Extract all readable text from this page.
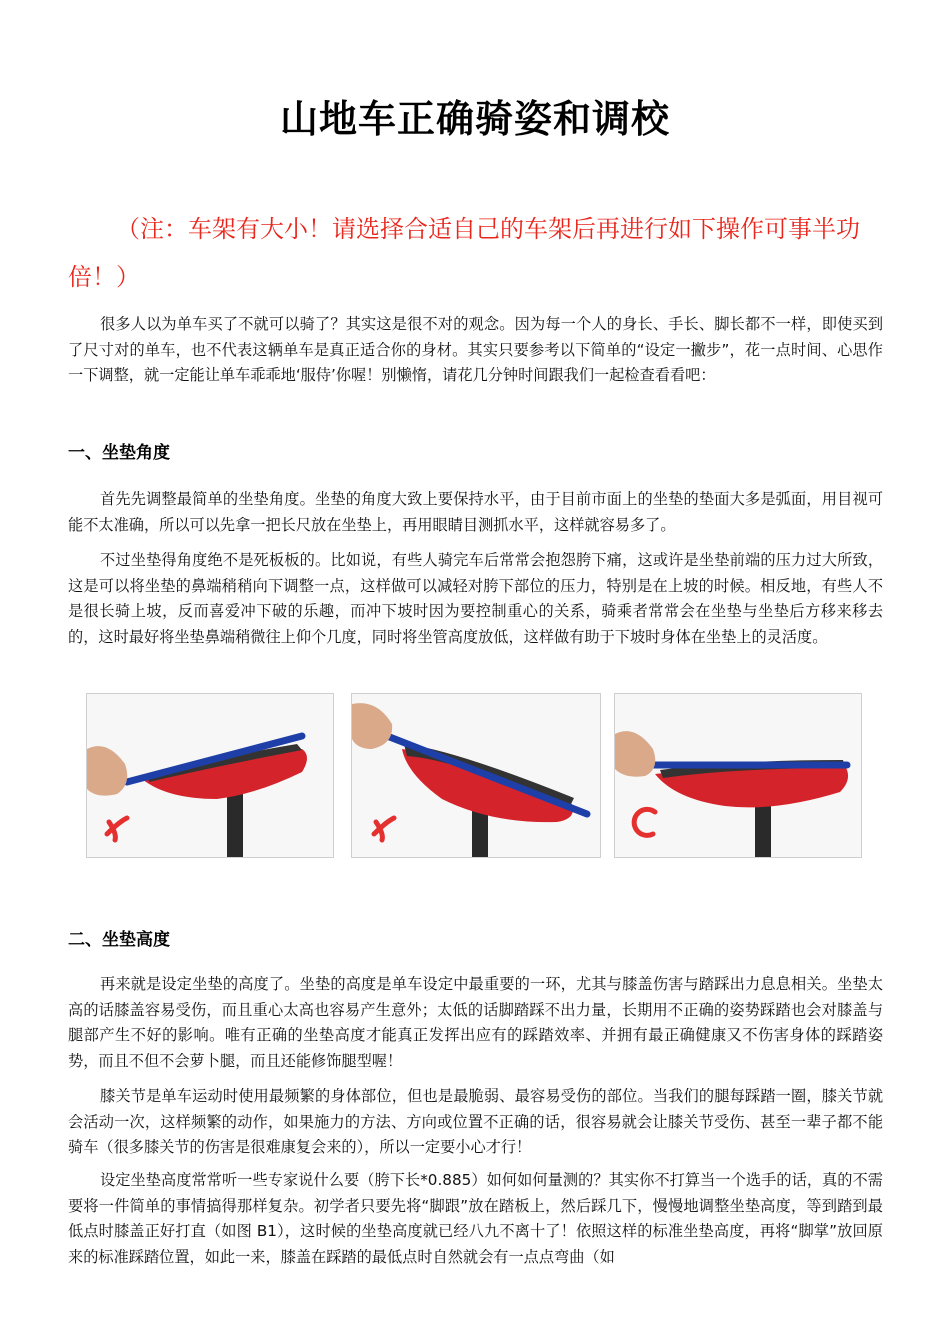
山地车正确骑姿和调校
（注：车架有大小！请选择合适自己的车架后再进行如下操作可事半功倍！）

很多人以为单车买了不就可以骑了？其实这是很不对的观念。因为每一个人的身长、手长、脚长都不一样，即使买到了尺寸对的单车，也不代表这辆单车是真正适合你的身材。其实只要参考以下简单的“设定一撇步”，花一点时间、心思作一下调整，就一定能让单车乖乖地‘服侍’你喔！别懒惰，请花几分钟时间跟我们一起检查看看吧：

一、坐垫角度

首先先调整最简单的坐垫角度。坐垫的角度大致上要保持水平，由于目前市面上的坐垫的垫面大多是弧面，用目视可能不太准确，所以可以先拿一把长尺放在坐垫上，再用眼睛目测抓水平，这样就容易多了。

不过坐垫得角度绝不是死板板的。比如说，有些人骑完车后常常会抱怨胯下痛，这或许是坐垫前端的压力过大所致，这是可以将坐垫的鼻端稍稍向下调整一点，这样做可以减轻对胯下部位的压力，特别是在上坡的时候。相反地，有些人不是很长骑上坡，反而喜爱冲下破的乐趣，而冲下坡时因为要控制重心的关系，骑乘者常常会在坐垫与坐垫后方移来移去的，这时最好将坐垫鼻端稍微往上仰个几度，同时将坐管高度放低，这样做有助于下坡时身体在坐垫上的灵活度。

二、坐垫高度

再来就是设定坐垫的高度了。坐垫的高度是单车设定中最重要的一环，尤其与膝盖伤害与踏踩出力息息相关。坐垫太高的话膝盖容易受伤，而且重心太高也容易产生意外；太低的话脚踏踩不出力量，长期用不正确的姿势踩踏也会对膝盖与腿部产生不好的影响。唯有正确的坐垫高度才能真正发挥出应有的踩踏效率、并拥有最正确健康又不伤害身体的踩踏姿势，而且不但不会萝卜腿，而且还能修饰腿型喔！

膝关节是单车运动时使用最频繁的身体部位，但也是最脆弱、最容易受伤的部位。当我们的腿每踩踏一圈，膝关节就会活动一次，这样频繁的动作，如果施力的方法、方向或位置不正确的话，很容易就会让膝关节受伤、甚至一辈子都不能骑车（很多膝关节的伤害是很难康复会来的），所以一定要小心才行！

设定坐垫高度常常听一些专家说什么要（胯下长*0.885）如何如何量测的？其实你不打算当一个选手的话，真的不需要将一件简单的事情搞得那样复杂。初学者只要先将“脚跟”放在踏板上，然后踩几下，慢慢地调整坐垫高度，等到踏到最低点时膝盖正好打直（如图 B1），这时候的坐垫高度就已经八九不离十了！依照这样的标准坐垫高度，再将“脚掌”放回原来的标准踩踏位置，如此一来，膝盖在踩踏的最低点时自然就会有一点点弯曲（如
